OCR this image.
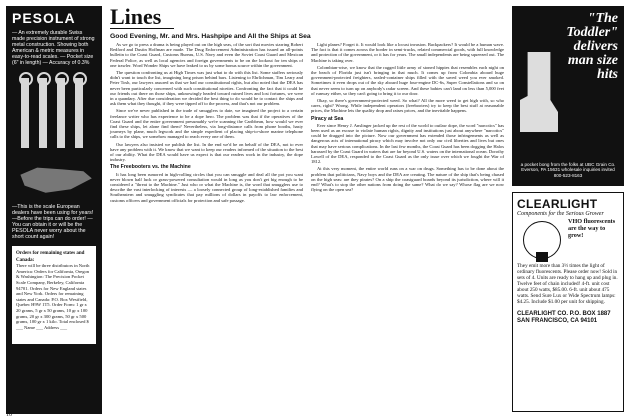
PESOLA
— An extremely durable Swiss made precision instrument of strong metal construction. Showing both American & metric measures in easy-to-read scales. — Pocket size (6" in length) — Accuracy of 0.3%
—This is the scale European dealers have been using for years! —Before the trips can do order! —You can obtain it or will be the PESOLA never worry about the short count again!
Orders for remaining states and Canada:
There will be three distributors in North America: Orders for California, Oregon & Washington: The Precision Pocket Scale Company, Berkeley, California 94701. Orders for New England states and New York. Orders for remaining states and Canada: P.O. Box Westfield, Quebec H9W 1T5. Order Form: 1 gr x 20 grams, 5 gr x 50 grams, 10 gr x 100 grams, 20 gr x 300 grams, 50 gr x 500 grams, 100 gr x 1 kilo. Total enclosed $ ___ Name ___ Address ___
10
Lines
Good Evening, Mr. and Mrs. Hashpipe and All the Ships at Sea

As we go to press a drama is being played out on the high seas, of the sort that movies starring Robert Redford and Dustin Hoffman are made. The Drug Enforcement Administration has issued an all-points bulletin to the Coast Guard, Customs Bureau, U.S. Navy and even the Soviet Coast Guard and Mexican Federal Police, as well as local agencies and foreign governments to be on the lookout for ten ships of one trawler. Word Wonder Ships we have leaked to us by some bonus source within the government.

The question confronting us at High Times was just what to do with this list. Some staffers seriously didn't want to touch the list, imagining long prison behind bars. Listening to Ehrlichman, Tim Leary and Peter Tosh, our lawyers assured us that we had our constitutional rights, but also noted that the DEA has never been particularly concerned with such constitutional niceties. Confronting the fact that it could be our friends out there on those ships, unknowingly headed toward ruined lives and lost fortunes, we were in a quandary. After due consideration we decided the best thing to do would be to contact the ships and ask them what they thought, if they were tipped off to the process, and that's not our problem.

Since we've never published in the trade of smugglers to date, we imagined the project to a certain freelance writer who has experience to be a dope hero. The problem was that if the operatives of the Coast Guard and the entire government presumably we're scanning the Caribbean, how would we ever find these ships, let alone find them? Nevertheless, via long-distance calls from phone booths, hasty journeys by plane, much legwork and the simple expedient of placing ship-to-shore marine telephone calls to the ships, we somehow managed to reach every one of them.

Our lawyers also insisted we publish the list. In the end we'd be on behalf of the DEA, not to ever have any problem with it. We know that we want to keep our readers informed of the situation to the best of our ability. What the DEA would have us expect is that our readers work in the industry, the dope industry.

The Freebooters vs. the Machine

It has long been rumored in high-rolling circles that you can smuggle and deal all the pot you want never blown half luck or grass-powered consultation would in long as you don't get big enough to be considered a "threat to the Machine." Just who or what the Machine is, the word that smugglers use to describe the vast interlocking of interests — a loosely connected group of long-established families and Southeastern and smuggling syndicates that pay millions of dollars in payoffs to law enforcement, customs officers and government officials for protection and safe passage.

Light planes? Forget it. It would look like a locust invasion. Backpackers? It would be a human wave. The fact is that it comes across the border in semi-trucks, related commercial goods, with full knowledge and protection of the government, or it has for years. The small independents are being squeezed out. The Machine is taking over.

Colombian-wise, we know that the ragged little army of stoned hippies that resembles each night on the beach of Florida just isn't bringing in that much. It comes up from Colombia aboard huge government-protected freighters, sealed-container ships filled with the saved weed you ever smoked. Sometimes it even drops out of the sky aboard huge four-engine DC-6s, Super Constellations and so on that never seem to turn up on anybody's radar screen. And these babies can't land on less than 5,000 feet of runway either, so they can't going to bring it to our door.

Okay, so there's government-protected weed. So what? All the more weed to get high with, so who cares, right? Wrong. While independent operators (freebooters) try to keep the best stuff at reasonable prices, the Machine lets the quality drop and raises prices, and the inevitable happens.

Piracy at Sea

Ever since Henry J. Anslinger jacked up the rest of the world to outlaw dope, the word "narcotics" has been used as an excuse to violate human rights, dignity and institutions just about anywhere "narcotics" could be dragged into the picture. Now our government has extended those infringements as well as dangerous acts of international piracy which may involve not only our civil liberties and lives but ones that may have serious complications. In the last few months, the Coast Guard has been dogging the Halos harassed by the Coast Guard in waters that are far beyond U.S. waters on the international ocean. Dorothy Lowell of the DEA, responded to the Coast Guard as the only issue over which we fought the War of 1812.

At this very moment, the entire world runs on a war on drugs. Something has to be done about the problem that politicians, Navy boys and the DEA are creating. The nature of the ship that's being chased on the high seas: are they pirates? On a ship the coastguard boards beyond its jurisdiction, where will it end? What's to stop the other nations from doing the same? What do we say? Whose flag are we now flying on the open sea?

"The Toddler" delivers man size hits
a pocket bong from the folks at UBC Grain Co. Everson, PA 15631 wholesale inquiries invited 800-523-8163
CLEARLIGHT
Components for the Serious Grower
They emit more than 3½ times the light of ordinary fluorescents. Please order now! Sold in sets of 4. Units are ready to hang up and plug in. Twelve feet of chain included! 4-ft. unit cost about 250 watts, $85.00. 6-ft. unit about 475 watts. Send Sure Lux or Wide Spectrum lamps: $4.25. Include $1.00 per unit for shipping.
CLEARLIGHT CO. P.O. BOX 1887 SAN FRANCISCO, CA 94101
VHO fluorescents are the way to grow!
